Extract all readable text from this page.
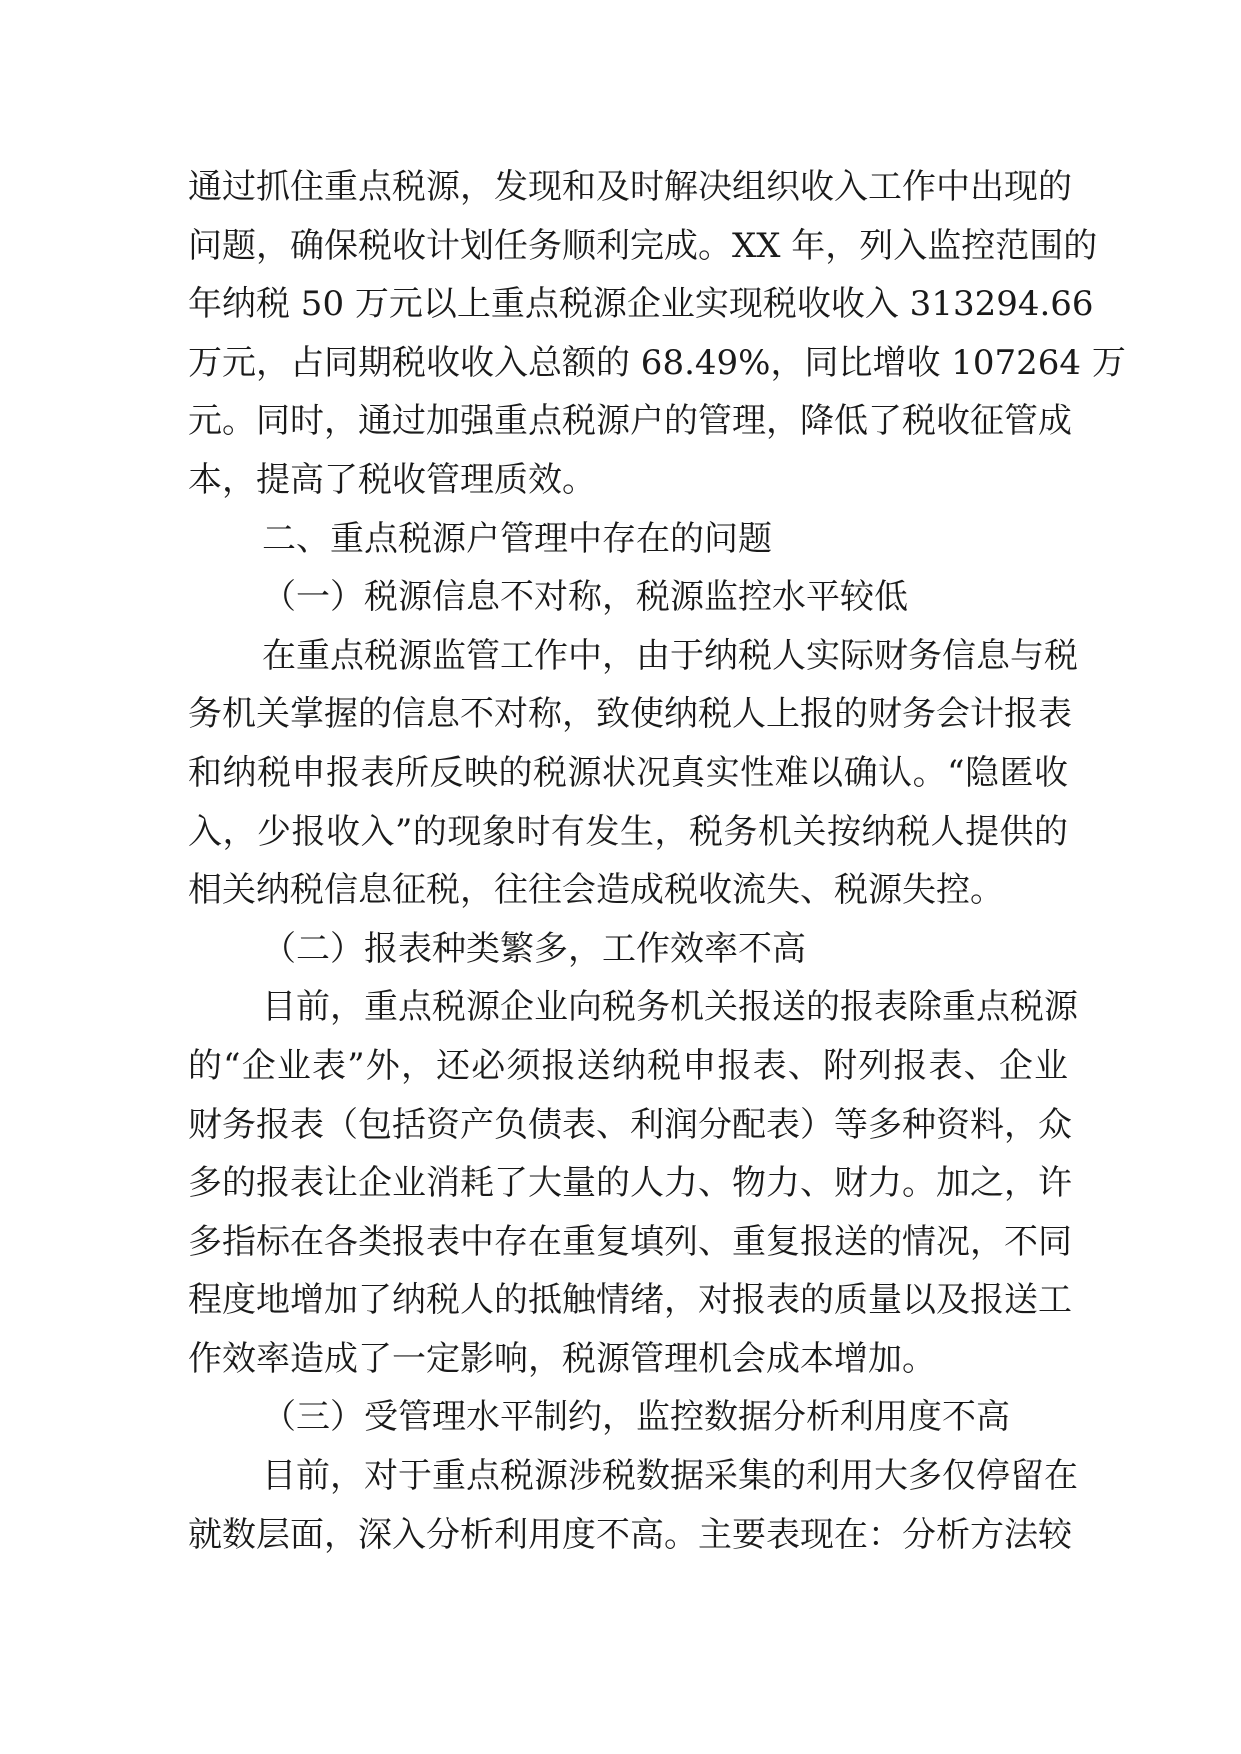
通过抓住重点税源，发现和及时解决组织收入工作中出现的
问题，确保税收计划任务顺利完成。XX 年，列入监控范围的
年纳税 50 万元以上重点税源企业实现税收收入 313294.66
万元，占同期税收收入总额的 68.49%，同比增收 107264 万
元。同时，通过加强重点税源户的管理，降低了税收征管成
本，提高了税收管理质效。
二、重点税源户管理中存在的问题
（一）税源信息不对称，税源监控水平较低
在重点税源监管工作中，由于纳税人实际财务信息与税
务机关掌握的信息不对称，致使纳税人上报的财务会计报表
和纳税申报表所反映的税源状况真实性难以确认。“隐匿收
入，少报收入”的现象时有发生，税务机关按纳税人提供的
相关纳税信息征税，往往会造成税收流失、税源失控。
（二）报表种类繁多，工作效率不高
目前，重点税源企业向税务机关报送的报表除重点税源
的“企业表”外，还必须报送纳税申报表、附列报表、企业
财务报表（包括资产负债表、利润分配表）等多种资料，众
多的报表让企业消耗了大量的人力、物力、财力。加之，许
多指标在各类报表中存在重复填列、重复报送的情况，不同
程度地增加了纳税人的抵触情绪，对报表的质量以及报送工
作效率造成了一定影响，税源管理机会成本增加。
（三）受管理水平制约，监控数据分析利用度不高
目前，对于重点税源涉税数据采集的利用大多仅停留在
就数层面，深入分析利用度不高。主要表现在：分析方法较
